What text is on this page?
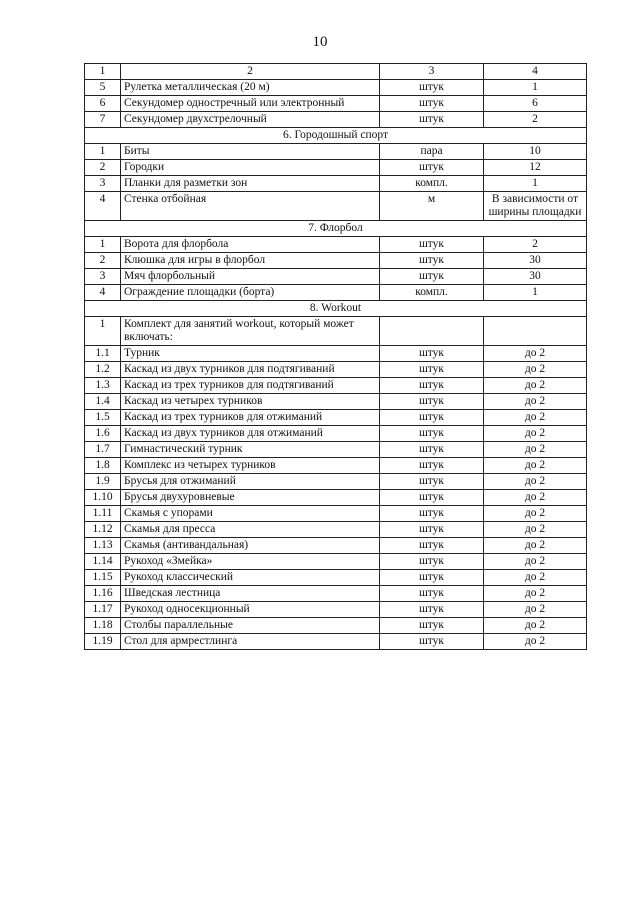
10
1	2	3	4
5	Рулетка металлическая (20 м)	штук	1
6	Секундомер одностречный или электронный	штук	6
7	Секундомер двухстрелочный	штук	2
6. Городошный спорт			
1	Биты	пара	10
2	Городки	штук	12
3	Планки для разметки зон	компл.	1
4	Стенка отбойная	м	В зависимости от ширины площадки
7. Флорбол			
1	Ворота для флорбола	штук	2
2	Клюшка для игры в флорбол	штук	30
3	Мяч флорбольный	штук	30
4	Ограждение площадки (борта)	компл.	1
8. Workout			
1	Комплект для занятий workout, который может включать:		
1.1	Турник	штук	до 2
1.2	Каскад из двух турников для подтягиваний	штук	до 2
1.3	Каскад из трех турников для подтягиваний	штук	до 2
1.4	Каскад из четырех турников	штук	до 2
1.5	Каскад из трех турников для отжиманий	штук	до 2
1.6	Каскад из двух турников для отжиманий	штук	до 2
1.7	Гимнастический турник	штук	до 2
1.8	Комплекс из четырех турников	штук	до 2
1.9	Брусья для отжиманий	штук	до 2
1.10	Брусья двухуровневые	штук	до 2
1.11	Скамья с упорами	штук	до 2
1.12	Скамья для пресса	штук	до 2
1.13	Скамья (антивандальная)	штук	до 2
1.14	Рукоход «Змейка»	штук	до 2
1.15	Рукоход классический	штук	до 2
1.16	Шведская лестница	штук	до 2
1.17	Рукоход односекционный	штук	до 2
1.18	Столбы параллельные	штук	до 2
1.19	Стол для армрестлинга	штук	до 2
